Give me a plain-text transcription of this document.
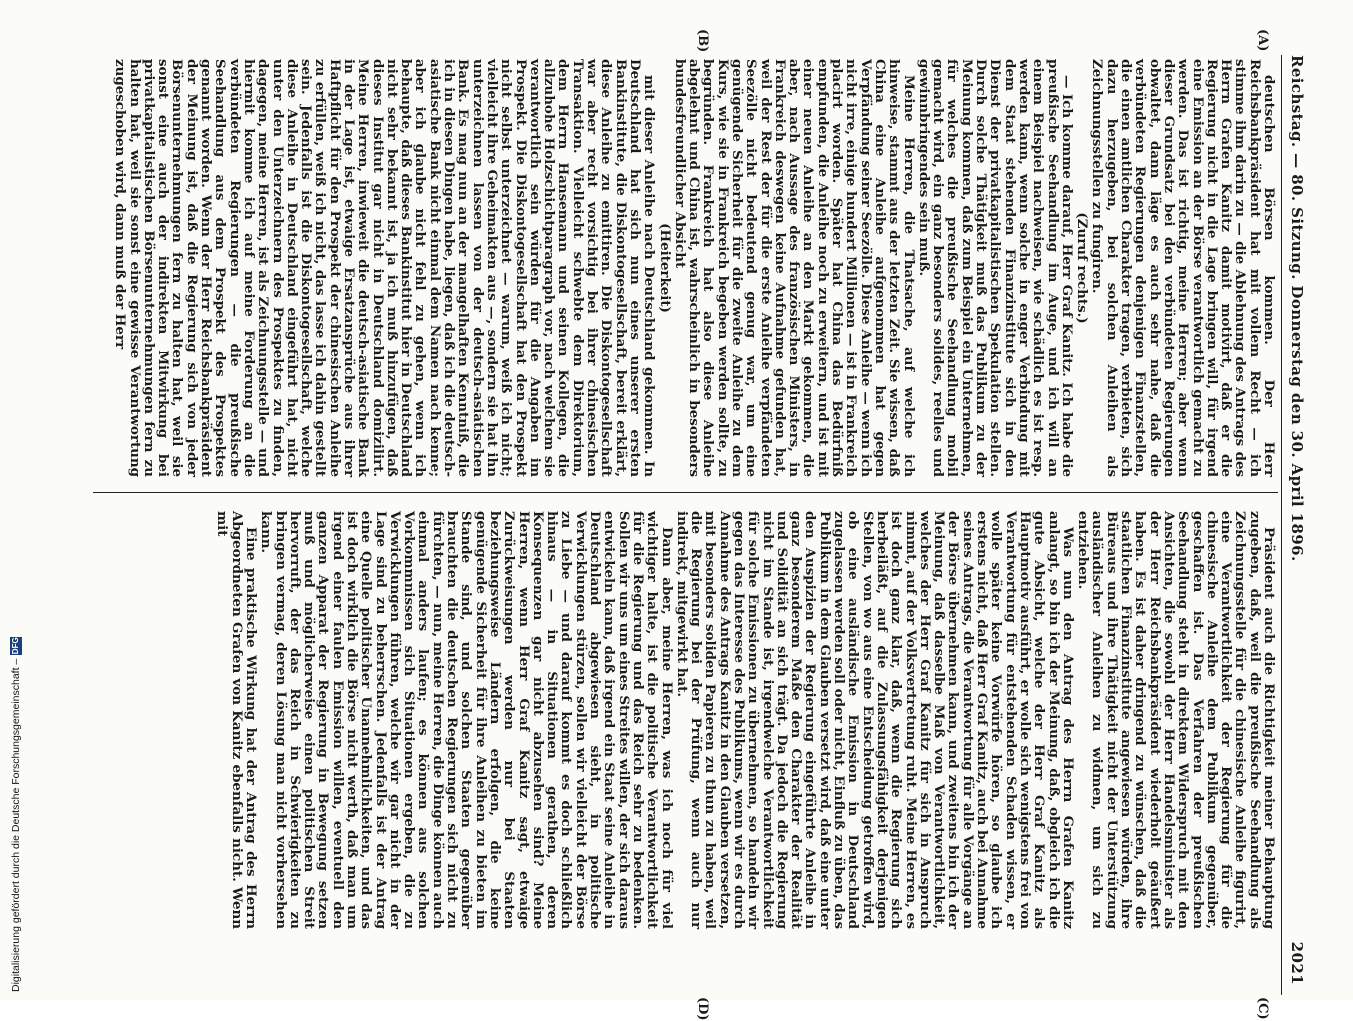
Reichstag. — 80. Sitzung. Donnerstag den 30. April 1896.
2021
(A)
(B)
(C)
(D)

deutschen Börsen kommen. Der Herr Reichsbankpräsident hat mit vollem Recht — ich stimme ihm darin zu — die Ablehnung des Antrags des Herrn Grafen Kanitz damit motivirt, daß er die Regierung nicht in die Lage bringen will, für irgend eine Emission an der Börse verantwortlich gemacht zu werden. Das ist richtig, meine Herren; aber wenn dieser Grundsatz bei den verbündeten Regierungen obwaltet, dann läge es auch sehr nahe, daß die verbündeten Regierungen denjenigen Finanzstellen, die einen amtlichen Charakter tragen, verbieten, sich dazu herzugeben, bei solchen Anleihen als Zeichnungsstellen zu fungiren.

(Zuruf rechts.)

— Ich komme darauf, Herr Graf Kanitz. Ich habe die preußische Seehandlung im Auge, und ich will an einem Beispiel nachweisen, wie schädlich es ist resp. werden kann, wenn solche in enger Verbindung mit dem Staat stehenden Finanzinstitute sich in den Dienst der privatkapitalistischen Spekulation stellen. Durch solche Thätigkeit muß das Publikum zu der Meinung kommen, daß zum Beispiel ein Unternehmen, für welches die preußische Seehandlung mobil gemacht wird, ein ganz besonders solides, reelles und gewinnbringendes sein muß.

Meine Herren, die Thatsache, auf welche ich hinweise, stammt aus der letzten Zeit. Sie wissen, daß China eine Anleihe aufgenommen hat gegen Verpfändung seiner Seezölle. Diese Anleihe — wenn ich nicht irre, einige hundert Millionen — ist in Frankreich placirt worden. Später hat China das Bedürfniß empfunden, die Anleihe noch zu erweitern, und ist mit einer neuen Anleihe an den Markt gekommen, die aber, nach Aussage des französischen Ministers, in Frankreich deswegen keine Aufnahme gefunden hat, weil der Rest der für die erste Anleihe verpfändeten Seezölle nicht bedeutend genug war, um eine genügende Sicherheit für die zweite Anleihe zu dem Kurs, wie sie in Frankreich begeben werden sollte, zu begründen. Frankreich hat also diese Anleihe abgelehnt und China ist, wahrscheinlich in besonders bundesfreundlicher Absicht

(Heiterkeit)

mit dieser Anleihe nach Deutschland gekommen. In Deutschland hat sich nun eines unserer ersten Bankinstitute, die Diskontogesellschaft, bereit erklärt, diese Anleihe zu emittiren. Die Diskontogesellschaft war aber recht vorsichtig bei ihrer chinesischen Transaktion. Vielleicht schwebte dem Direktorium, dem Herrn Hansemann und seinen Kollegen, die allzuhohe Holzschichtparagraph vor, nach welchem sie verantwortlich sein würden für die Angaben im Prospekt. Die Diskontogesellschaft hat den Prospekt nicht selbst unterzeichnet — warum, weiß ich nicht; vielleicht ihre Geheimakten aus —, sondern sie hat ihn unterzeichnen lassen von der deutsch-asiatischen Bank. Es mag nun an der mangelhaften Kenntniß, die ich in diesen Dingen habe, liegen, daß ich die deutsch-asiatische Bank nicht einmal dem Namen nach kenne; aber ich glaube nicht fehl zu gehen, wenn ich behaupte, daß dieses Bankinstitut hier in Deutschland nicht sehr bekannt ist, ja ich muß hinzufügen, daß dieses Institut gar nicht in Deutschland domizilirt. Meine Herren, inwieweit die deutsch-asiatische Bank in der Lage ist, etwaige Ersatzansprüche aus ihrer Haftpflicht für den Prospekt der chinesischen Anleihe zu erfüllen, weiß ich nicht, das lasse ich dahin gestellt sein. Jedenfalls ist die Diskontogesellschaft, welche diese Anleihe in Deutschland eingeführt hat, nicht unter den Unterzeichnern des Prospektes zu finden, dagegen, meine Herren, ist als Zeichnungsstelle — und hiermit komme ich auf meine Forderung an die verbündeten Regierungen — die preußische Seehandlung aus dem Prospekt des Prospektes genannt worden. Wenn der Herr Reichsbankpräsident der Meinung ist, daß die Regierung sich von jeder Börsenunternehmungen fern zu halten hat, weil sie sonst eine auch der indirekten Mitwirkung bei privatkapitalistischen Börsenunternehmungen fern zu halten hat, weil sie sonst eine gewisse Verantwortung zugeschoben wird, dann muß der Herr

Präsident auch die Richtigkeit meiner Behauptung zugeben, daß, weil die preußische Seehandlung als Zeichnungsstelle für die chinesische Anleihe figurirt, eine Verantwortlichkeit der Regierung für die chinesische Anleihe dem Publikum gegenüber, geschaffen ist. Das Verfahren der preußischen Seehandlung steht in direktem Widerspruch mit den Ansichten, die sowohl der Herr Handelsminister als der Herr Reichsbankpräsident wiederholt geäußert haben. Es ist daher dringend zu wünschen, daß die staatlichen Finanzinstitute angewiesen würden, ihre Büreaus und ihre Thätigkeit nicht der Unterstützung ausländischer Anleihen zu widmen, um sich zu entziehen.

Was nun den Antrag des Herrn Grafen Kanitz anlangt, so bin ich der Meinung, daß, obgleich ich die gute Absicht, welche der Herr Graf Kanitz als Hauptmotiv ausführt, er wolle sich wenigstens frei von Verantwortung für entstehenden Schaden wissen, er wolle später keine Vorwürfe hören, so glaube ich erstens nicht, daß Herr Graf Kanitz, auch bei Annahme seines Antrags, die Verantwortung für alle Vorgänge an der Börse übernehmen kann, und zweitens bin ich der Meinung, daß dasselbe Maß von Verantwortlichkeit, welches der Herr Graf Kanitz für sich in Anspruch nimmt, auf der Volksvertretung ruht. Meine Herren, es ist doch ganz klar, daß, wenn die Regierung sich herbeiläßt, auf die Zulassungsfähigkeit derjenigen Stellen, von wo aus eine Entscheidung getroffen wird, ob eine ausländische Emission in Deutschland zugelassen werden soll oder nicht, Einfluß zu üben, das Publikum in dem Glauben versetzt wird, daß eine unter den Auspizien der Regierung eingeführte Anleihe in ganz besonderem Maße den Charakter der Realität und Solidität an sich trägt. Da jedoch die Regierung nicht im Stande ist, irgendwelche Verantwortlichkeit für solche Emissionen zu übernehmen, so handeln wir gegen das Interesse des Publikums, wenn wir es durch Annahme des Antrags Kanitz in den Glauben versetzen, mit besonders soliden Papieren zu thun zu haben, weil die Regierung bei der Prüfung, wenn auch nur indirekt, mitgewirkt hat.

Dann aber, meine Herren, was ich noch für viel wichtiger halte, ist die politische Verantwortlichkeit für die Regierung und das Reich sehr zu bedenken. Sollen wir uns um eines Streites willen, der sich daraus entwickeln kann, daß irgend ein Staat seine Anleihe in Deutschland abgewiesen sieht, in politische Verwicklungen stürzen, sollen wir vielleicht der Börse zu Liebe — und darauf kommt es doch schließlich hinaus — in Situationen gerathen, deren Konsequenzen gar nicht abzusehen sind? Meine Herren, wenn Herr Graf Kanitz sagt, etwaige Zurückweisungen werden nur bei Staaten beziehungsweise Ländern erfolgen, die keine genügende Sicherheit für ihre Anleihen zu bieten im Stande sind, und solchen Staaten gegenüber brauchten die deutschen Regierungen sich nicht zu fürchten, — nun, meine Herren, die Dinge können auch einmal anders laufen; es können aus solchen Vorkommnissen sich Situationen ergeben, die zu Verwicklungen führen, welche wir gar nicht in der Lage sind zu beherrschen. Jedenfalls ist der Antrag eine Quelle politischer Unannehmlichkeiten, und das ist doch wirklich die Börse nicht werth, daß man um irgend einer faulen Emission willen, eventuell den ganzen Apparat der Regierung in Bewegung setzen muß und möglicherweise einen politischen Streit hervorruft, der das Reich in Schwierigkeiten zu bringen vermag, deren Lösung man nicht vorhersehen kann.

Eine praktische Wirkung hat der Antrag des Herrn Abgeordneten Grafen von Kanitz ebenfalls nicht. Wenn mit

Digitalisierung gefördert durch die Deutsche Forschungsgemeinschaft –
DFG
